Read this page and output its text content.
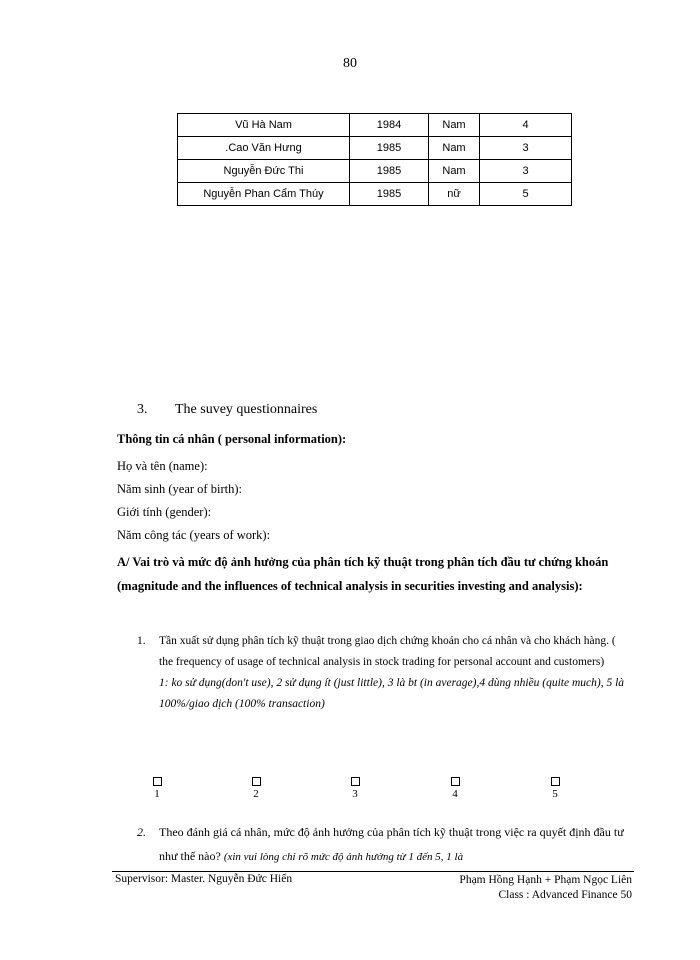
80
Vũ Hà Nam	1984	Nam	4
.Cao Văn Hưng	1985	Nam	3
Nguyễn Đức Thi	1985	Nam	3
Nguyễn Phan Cẩm Thúy	1985	nữ	5
3. The suvey questionnaires
Thông tin cá nhân ( personal information):
Họ và tên (name):
Năm sinh (year of birth):
Giới tính (gender):
Năm công tác (years of work):
A/ Vai trò và mức độ ảnh hưởng của phân tích kỹ thuật trong phân tích đầu tư chứng khoán (magnitude and the influences of technical analysis in securities investing and analysis):
1. Tần xuất sử dụng phân tích kỹ thuật trong giao dịch chứng khoán cho cá nhân và cho khách hàng. ( the frequency of usage of technical analysis in stock trading for personal account and customers)
1: ko sử dụng(don't use), 2 sử dụng ít (just little), 3 là bt (in average),4 dùng nhiều (quite much), 5 là 100%/giao dịch (100% transaction)
1	2	3	4	5
2. Theo đánh giá cá nhân, mức độ ảnh hưởng của phân tích kỹ thuật trong việc ra quyết định đầu tư như thế nào? (xin vui lòng chỉ rõ mức độ ảnh hưởng từ 1 đến 5, 1 là
Supervisor: Master. Nguyễn Đức Hiển	Phạm Hồng Hạnh + Phạm Ngọc Liên
Class : Advanced Finance 50
